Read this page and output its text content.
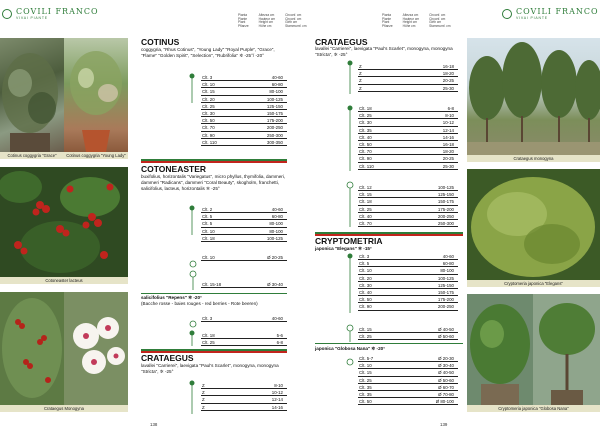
COVILI FRANCO
VIVAI PIANTE
Pianta
Plante
Plant
Pflanze
Altezza cm
Hauteur cm
Height cm
Höhe cm
Circonf. cm
Circonf. cm
Girth cm
Stammumf. cm
Pianta
Plante
Plant
Pflanze
Altezza cm
Hauteur cm
Height cm
Höhe cm
Circonf. cm
Circonf. cm
Girth cm
Stammumf. cm
COVILI FRANCO
VIVAI PIANTE
Cotinus coggygria "Grace"	Cotinus coggygria "Young Lady"
Cotoneaster lacteus
Crataegus Monogyna
COTINUS
coggygria, "Rhus Cotinus", "Young Lady" "Royal Purple", "Grace", "Flame" "Golden Spirit", "Selection", "Rubrifolia" ✲ -25°/ -20°
Clt. 3	40-60
Clt. 10	60-80
Clt. 15	80-100
Clt. 20	100-125
Clt. 25	125-150
Clt. 30	150-175
Clt. 50	175-200
Clt. 70	200-250
Clt. 90	250-300
Clt. 110	300-350
COTONEASTER
buxifolius, horizontalis "Variegatus", micro phyllus, thymifolia, dammeri, dammeri "Radicans", dammeri "Coral Beauty", skogholm, franchetti, salicifolius, lacteus, horizontalis ✲ -25°
Clt. 2	40-60
Clt. 5	60-80
Clt. 5	80-100
Clt. 10	80-100
Clt. 18	100-125
Clt. 10	Ø 20-25
Clt. 15-18	Ø 30-40
salicifolius "Repens" ✲ -20°
(Bacche rosse - baies rouges - red berries - Rote beeren)
Clt. 3	40-60
Clt. 18	5-6
Clt. 25	6-8
CRATAEGUS
lavallei "Carrierei", laevigata "Paul's Scarlet", monogyna, monogyna "Stricta", ✲ -25°
Z	8-10
Z	10-12
Z	12-14
Z	14-16
138
CRATAEGUS
lavallei "Carrierei", laevigata "Paul's Scarlet", monogyna, monogyna "Stricta", ✲ -25°
Z	16-18
Z	18-20
Z	20-25
Z	25-30
Clt. 18	6-8
Clt. 25	8-10
Clt. 30	10-12
Clt. 35	12-14
Clt. 40	14-16
Clt. 50	16-18
Clt. 70	18-20
Clt. 90	20-25
Clt. 110	25-30
Clt. 12	100-125
Clt. 15	125-150
Clt. 18	150-175
Clt. 25	175-200
Clt. 40	200-250
Clt. 70	250-300
CRYPTOMETRIA
japonica "Elegans" ✲ -15°
Clt. 3	40-60
Clt. 5	60-80
Clt. 10	80-100
Clt. 20	100-125
Clt. 30	125-150
Clt. 40	150-175
Clt. 50	175-200
Clt. 90	200-250
Clt. 15	Ø 40-50
Clt. 25	Ø 50-60
japonica "Globosa Nana" ✲ -20°
Clt. 5-7	Ø 20-30
Clt. 10	Ø 30-40
Clt. 15	Ø 40-50
Clt. 25	Ø 50-60
Clt. 35	Ø 60-70
Clt. 35	Ø 70-80
Clt. 50	Ø 80-100
139
Crataegus monogyna
Cryptomeria japonica "Elegans"
Cryptomeria japonica "Globosa Nana"
